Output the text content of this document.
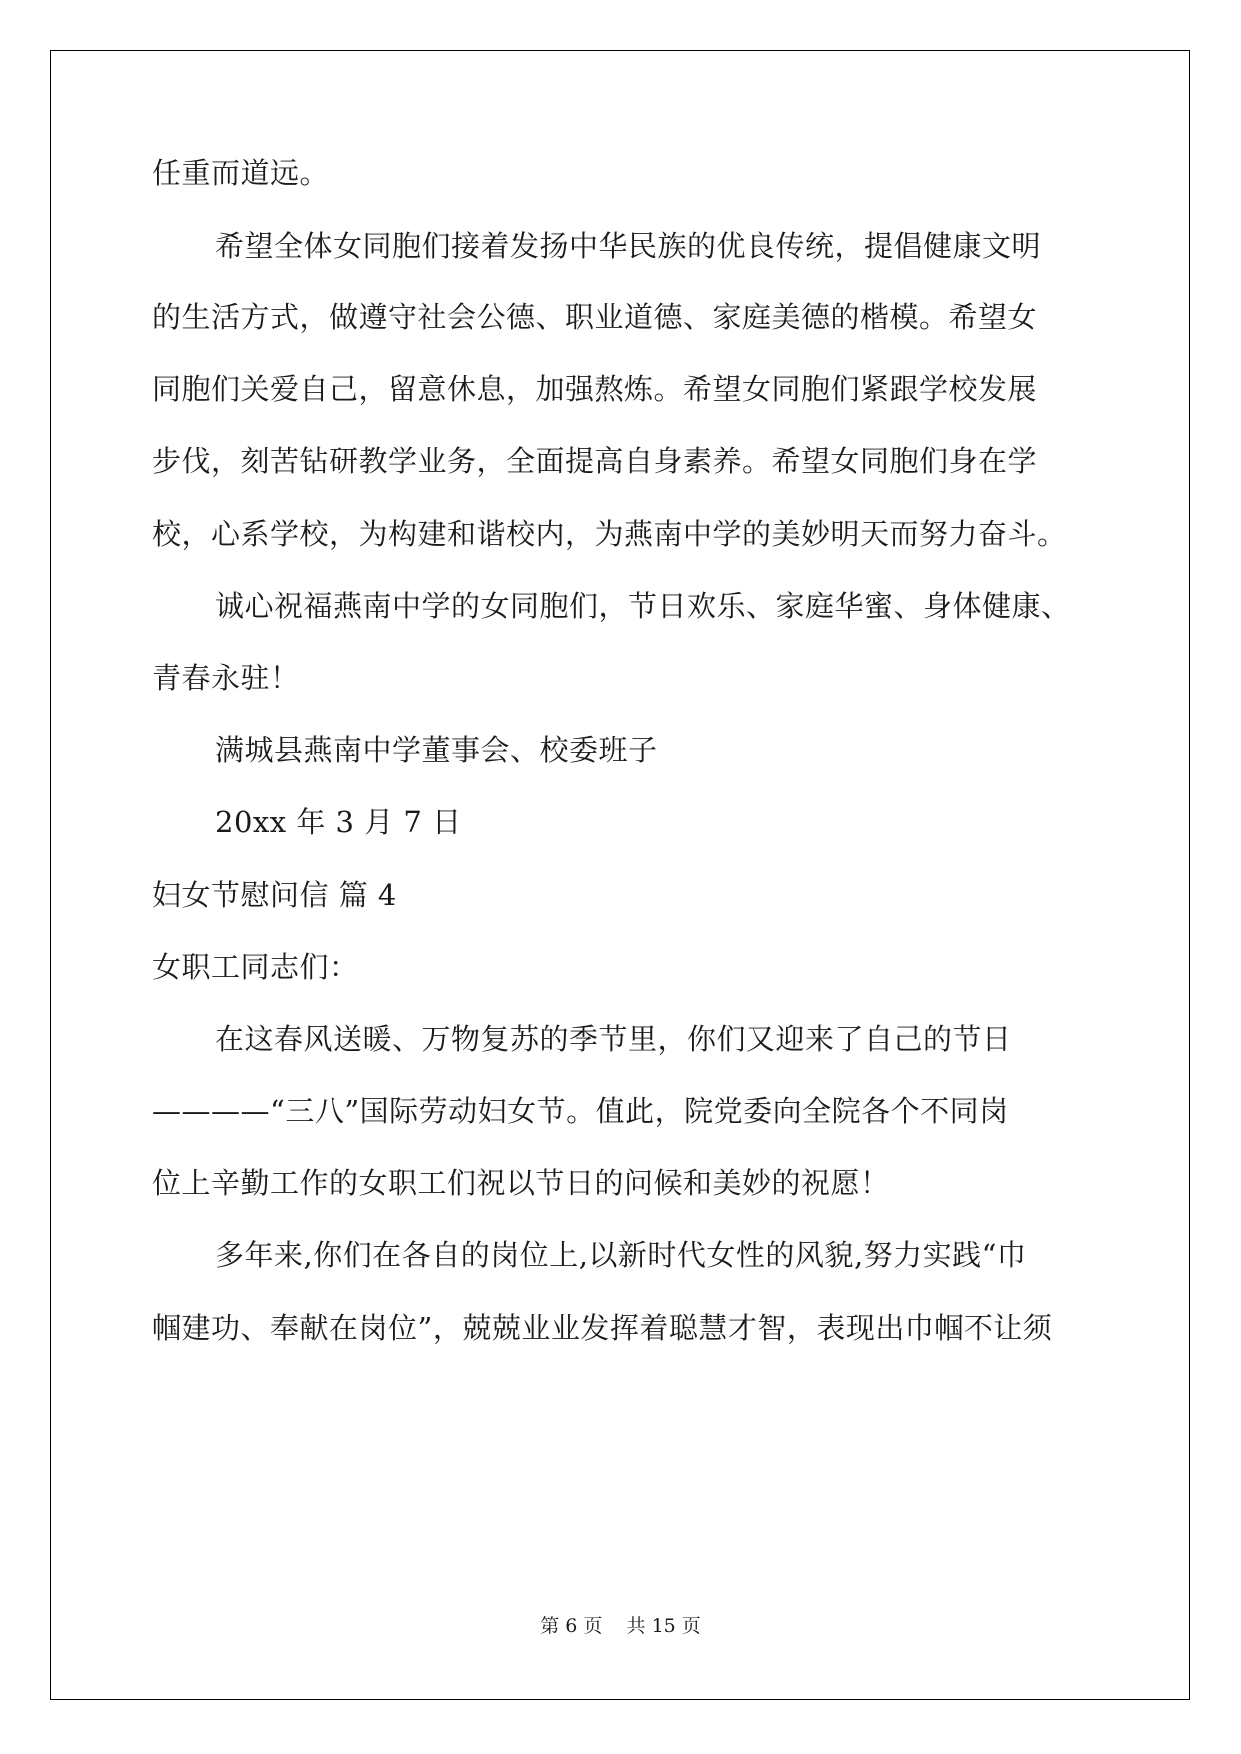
任重而道远。

希望全体女同胞们接着发扬中华民族的优良传统，提倡健康文明

的生活方式，做遵守社会公德、职业道德、家庭美德的楷模。希望女

同胞们关爱自己，留意休息，加强熬炼。希望女同胞们紧跟学校发展

步伐，刻苦钻研教学业务，全面提高自身素养。希望女同胞们身在学

校，心系学校，为构建和谐校内，为燕南中学的美妙明天而努力奋斗。

诚心祝福燕南中学的女同胞们，节日欢乐、家庭华蜜、身体健康、

青春永驻！

满城县燕南中学董事会、校委班子

20xx 年 3 月 7 日

妇女节慰问信 篇 4

女职工同志们：

在这春风送暖、万物复苏的季节里，你们又迎来了自己的节日

————“三八”国际劳动妇女节。值此，院党委向全院各个不同岗

位上辛勤工作的女职工们祝以节日的问候和美妙的祝愿！

多年来,你们在各自的岗位上,以新时代女性的风貌,努力实践“巾

帼建功、奉献在岗位”，兢兢业业发挥着聪慧才智，表现出巾帼不让须

第 6 页    共 15 页
